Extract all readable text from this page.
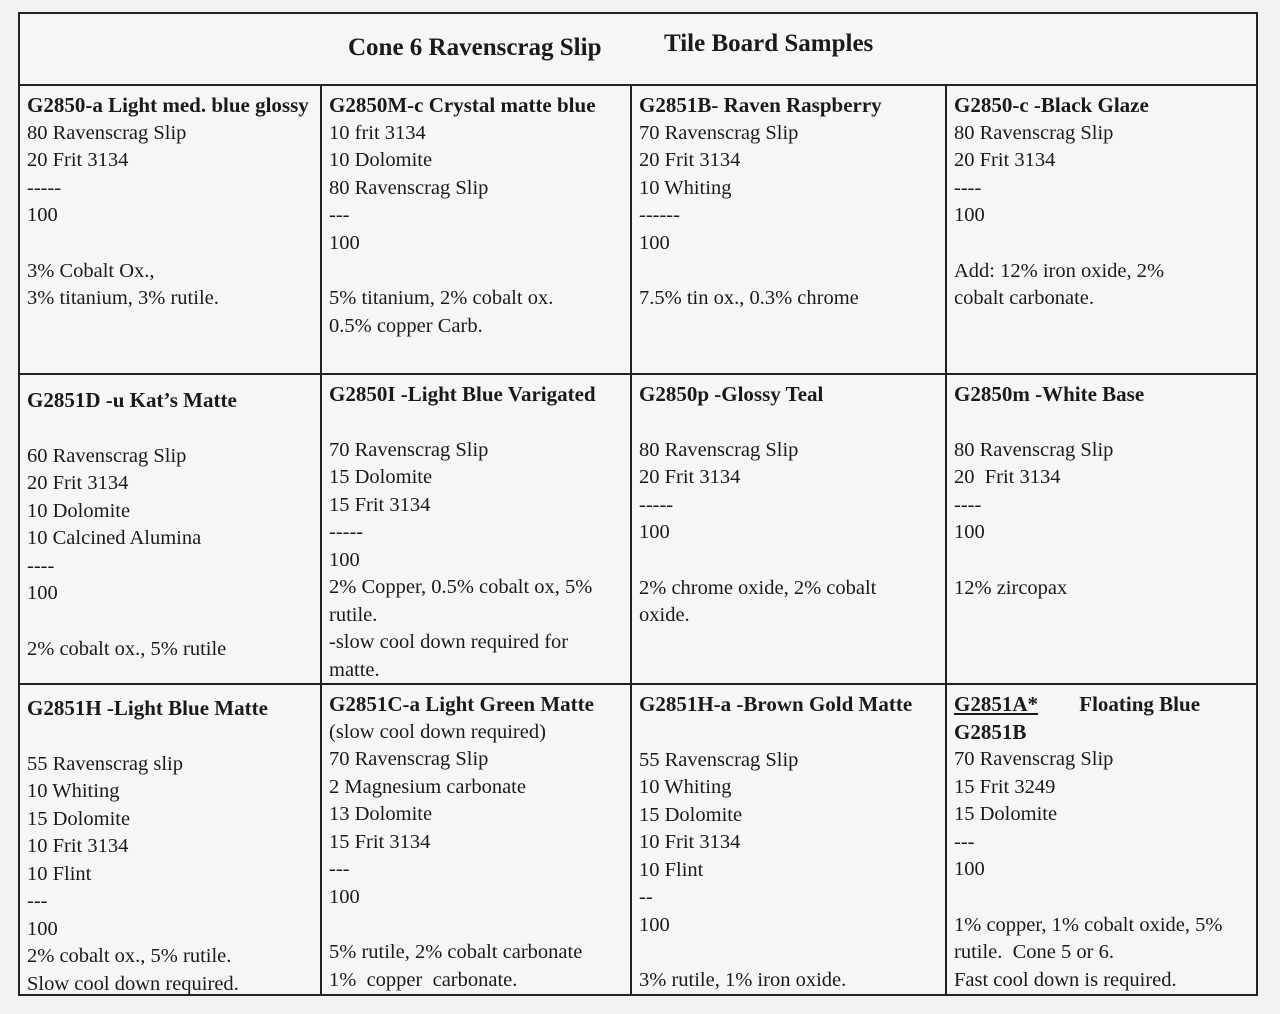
Cone 6 Ravenscrag Slip	Tile Board Samples
G2850-a Light med. blue glossy
80 Ravenscrag Slip
20 Frit 3134
-----
100
3% Cobalt Ox.,
3% titanium, 3% rutile.
G2850M-c Crystal matte blue
10 frit 3134
10 Dolomite
80 Ravenscrag Slip
---
100
5% titanium, 2% cobalt ox.
0.5% copper Carb.
G2851B- Raven Raspberry
70 Ravenscrag Slip
20 Frit 3134
10 Whiting
------
100
7.5% tin ox., 0.3% chrome
G2850-c -Black Glaze
80 Ravenscrag Slip
20 Frit 3134
----
100
Add: 12% iron oxide, 2%
cobalt carbonate.
G2851D -u Kat’s Matte
60 Ravenscrag Slip
20 Frit 3134
10 Dolomite
10 Calcined Alumina
----
100
2% cobalt ox., 5% rutile
G2850I -Light Blue Varigated
70 Ravenscrag Slip
15 Dolomite
15 Frit 3134
-----
100
2% Copper, 0.5% cobalt ox, 5%
rutile.
-slow cool down required for
matte.
G2850p -Glossy Teal
80 Ravenscrag Slip
20 Frit 3134
-----
100
2% chrome oxide, 2% cobalt
oxide.
G2850m -White Base
80 Ravenscrag Slip
20  Frit 3134
----
100
12% zircopax
G2851H -Light Blue Matte
55 Ravenscrag slip
10 Whiting
15 Dolomite
10 Frit 3134
10 Flint
---
100
2% cobalt ox., 5% rutile.
Slow cool down required.
G2851C-a Light Green Matte
(slow cool down required)
70 Ravenscrag Slip
2 Magnesium carbonate
13 Dolomite
15 Frit 3134
---
100
5% rutile, 2% cobalt carbonate
1%  copper  carbonate.
G2851H-a -Brown Gold Matte
55 Ravenscrag Slip
10 Whiting
15 Dolomite
10 Frit 3134
10 Flint
--
100
3% rutile, 1% iron oxide.
G2851A* Floating Blue
G2851B
70 Ravenscrag Slip
15 Frit 3249
15 Dolomite
---
100
1% copper, 1% cobalt oxide, 5%
rutile.  Cone 5 or 6.
Fast cool down is required.
